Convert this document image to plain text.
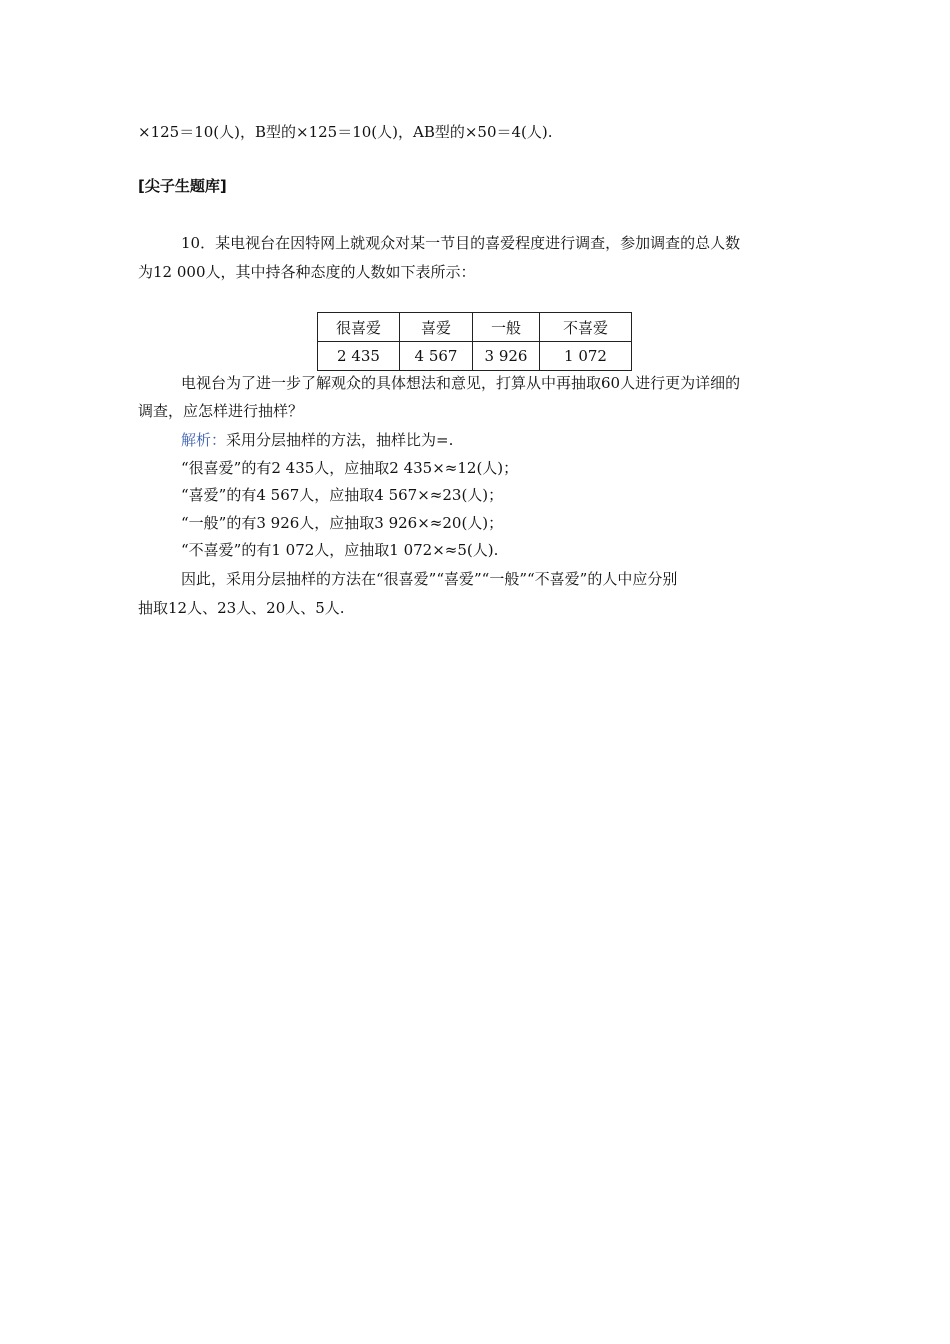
×125＝10(人)，B型的×125＝10(人)，AB型的×50＝4(人).
[尖子生题库]
10．某电视台在因特网上就观众对某一节目的喜爱程度进行调查，参加调查的总人数
为12 000人，其中持各种态度的人数如下表所示：
很喜爱	喜爱	一般	不喜爱
2 435	4 567	3 926	1 072
电视台为了进一步了解观众的具体想法和意见，打算从中再抽取60人进行更为详细的
调查，应怎样进行抽样？
解析：采用分层抽样的方法，抽样比为=.
“很喜爱”的有2 435人，应抽取2 435×≈12(人)；
“喜爱”的有4 567人，应抽取4 567×≈23(人)；
“一般”的有3 926人，应抽取3 926×≈20(人)；
“不喜爱”的有1 072人，应抽取1 072×≈5(人).
因此，采用分层抽样的方法在“很喜爱”“喜爱”“一般”“不喜爱”的人中应分别
抽取12人、23人、20人、5人.
